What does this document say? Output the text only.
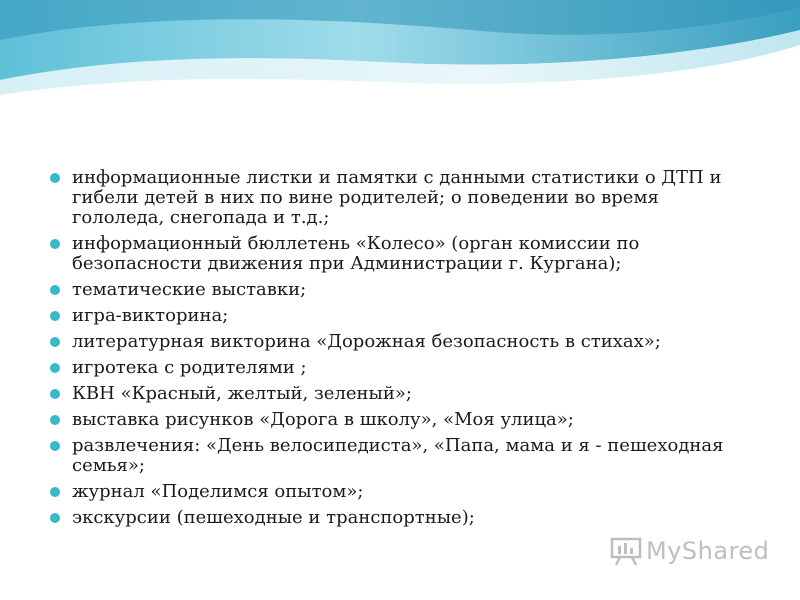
информационные листки и памятки с данными статистики о ДТП и гибели детей в них по вине родителей; о поведении во время гололеда, снегопада и т.д.;
информационный бюллетень «Колесо» (орган комиссии по безопасности движения при Администрации г. Кургана);
тематические выставки;
игра-викторина;
литературная викторина «Дорожная безопасность в стихах»;
игротека с родителями ;
КВН «Красный, желтый, зеленый»;
выставка рисунков «Дорога в школу», «Моя улица»;
развлечения: «День велосипедиста», «Папа, мама и я - пешеходная семья»;
журнал «Поделимся опытом»;
экскурсии (пешеходные и транспортные);
MyShared
